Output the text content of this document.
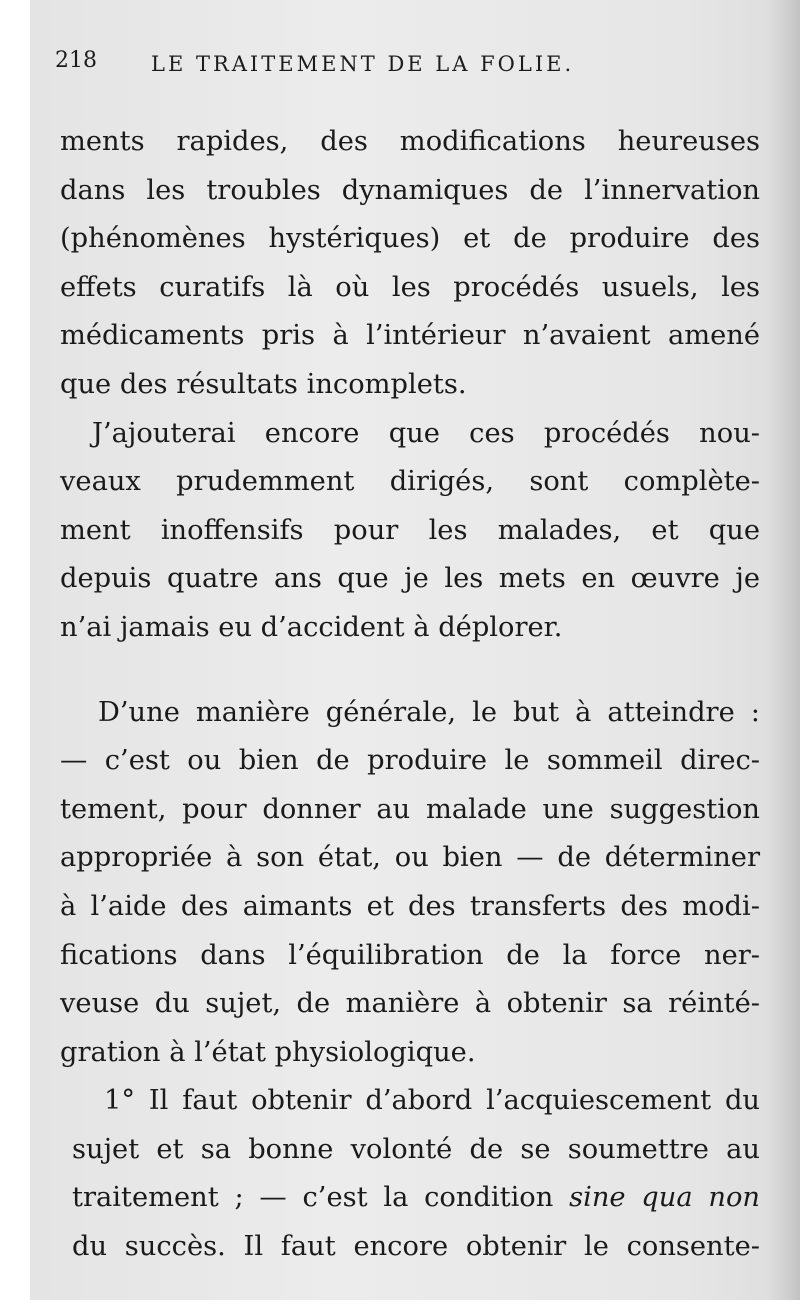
218	LE TRAITEMENT DE LA FOLIE.

ments rapides, des modifications heureuses
dans les troubles dynamiques de l’innervation
(phénomènes hystériques) et de produire des
effets curatifs là où les procédés usuels, les
médicaments pris à l’intérieur n’avaient amené
que des résultats incomplets.

J’ajouterai encore que ces procédés nou-
veaux prudemment dirigés, sont complète-
ment inoffensifs pour les malades, et que
depuis quatre ans que je les mets en œuvre je
n’ai jamais eu d’accident à déplorer.

D’une manière générale, le but à atteindre :
— c’est ou bien de produire le sommeil direc-
tement, pour donner au malade une suggestion
appropriée à son état, ou bien — de déterminer
à l’aide des aimants et des transferts des modi-
fications dans l’équilibration de la force ner-
veuse du sujet, de manière à obtenir sa réinté-
gration à l’état physiologique.

1° Il faut obtenir d’abord l’acquiescement du
sujet et sa bonne volonté de se soumettre au
traitement ; — c’est la condition sine qua non
du succès. Il faut encore obtenir le consente-
